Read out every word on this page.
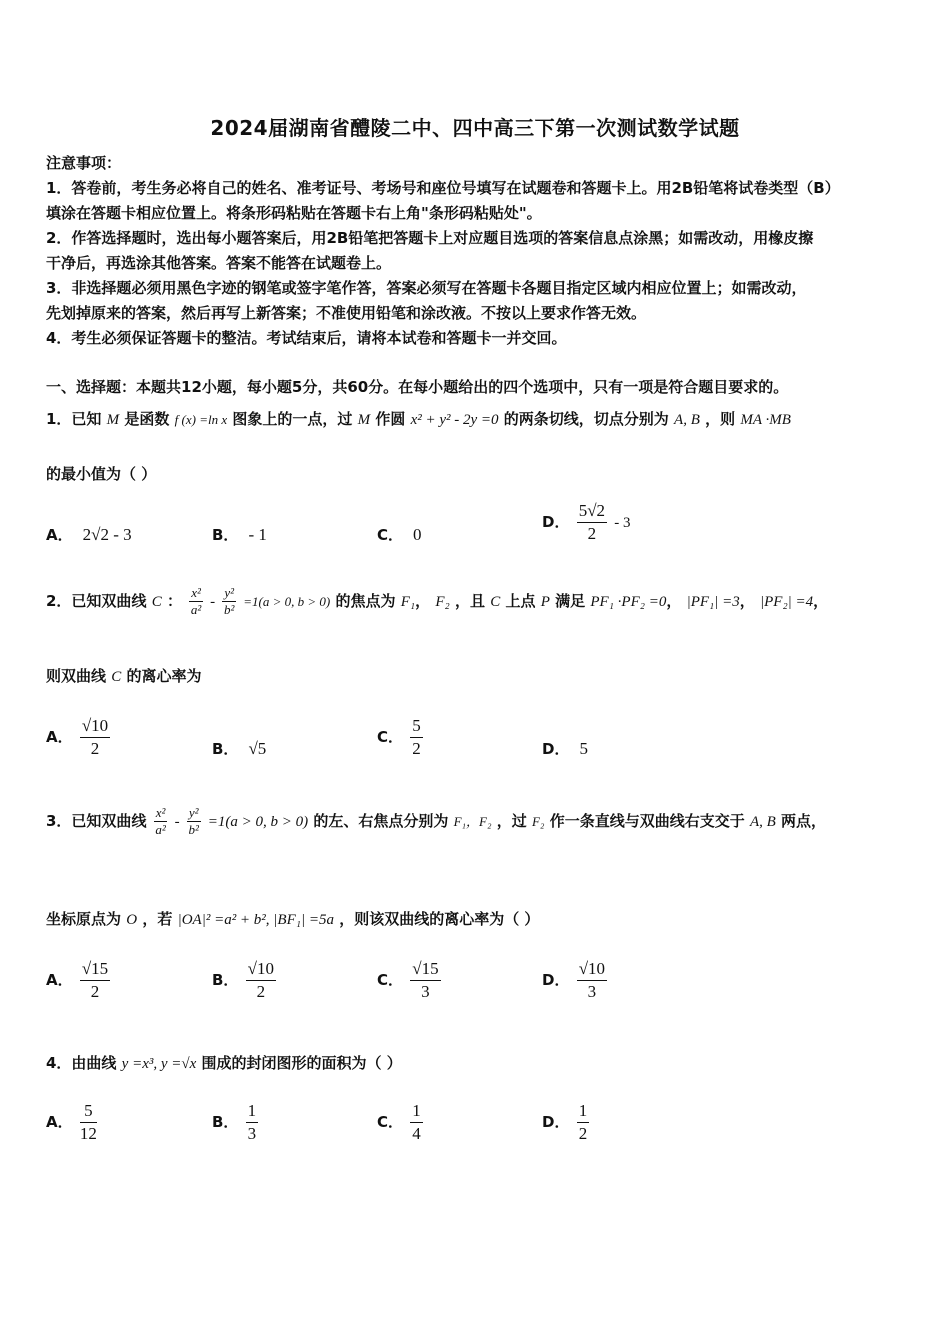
2024届湖南省醴陵二中、四中高三下第一次测试数学试题
注意事项：
1．答卷前，考生务必将自己的姓名、准考证号、考场号和座位号填写在试题卷和答题卡上。用2B铅笔将试卷类型（B）
填涂在答题卡相应位置上。将条形码粘贴在答题卡右上角"条形码粘贴处"。
2．作答选择题时，选出每小题答案后，用2B铅笔把答题卡上对应题目选项的答案信息点涂黑；如需改动，用橡皮擦
干净后，再选涂其他答案。答案不能答在试题卷上。
3．非选择题必须用黑色字迹的钢笔或签字笔作答，答案必须写在答题卡各题目指定区域内相应位置上；如需改动，
先划掉原来的答案，然后再写上新答案；不准使用铅笔和涂改液。不按以上要求作答无效。
4．考生必须保证答题卡的整洁。考试结束后，请将本试卷和答题卡一并交回。
一、选择题：本题共12小题，每小题5分，共60分。在每小题给出的四个选项中，只有一项是符合题目要求的。
1．已知 M 是函数 f (x) =ln x 图象上的一点，过 M 作圆 x² + y² - 2y =0 的两条切线，切点分别为 A, B ，则 MA ·MB
的最小值为（ ）
A． 2√2 - 3	B． - 1	C． 0
D． $\frac{5√2}{2} - 3$
2．已知双曲线 C ： $\frac{\text{x²}}{\text{a²}} - \frac{\text{y²}}{\text{b²}} =1(a > 0$, b > 0) 的焦点为 F₁， F₂ ，且 C 上点 P 满足 PF₁ ·PF₂ =0， |PF₁| =3， |PF₂| =4，
则双曲线 C 的离心率为
A． $\frac{√10}{2}$	B． √5
C． $\frac{5}{2}$	D． 5
3．已知双曲线 $\frac{\text{x²}}{\text{a²}} - \frac{\text{y²}}{\text{b²}} =1(a > 0$, b > 0) 的左、右焦点分别为 F₁，F₂ ，过 F₂ 作一条直线与双曲线右支交于 A, B 两点，
坐标原点为 O ，若 |OA|² =a² + b², |BF₁| =5a ，则该双曲线的离心率为（ ）
A． $\frac{√15}{2}$	B． $\frac{√10}{2}$	C． $\frac{√15}{3}$	D． $\frac{√10}{3}$
4．由曲线 y =x³, y =√x 围成的封闭图形的面积为（ ）
A． $\frac{5}{12}$	B． $\frac{1}{3}$	C． $\frac{1}{4}$	D． $\frac{1}{2}$
